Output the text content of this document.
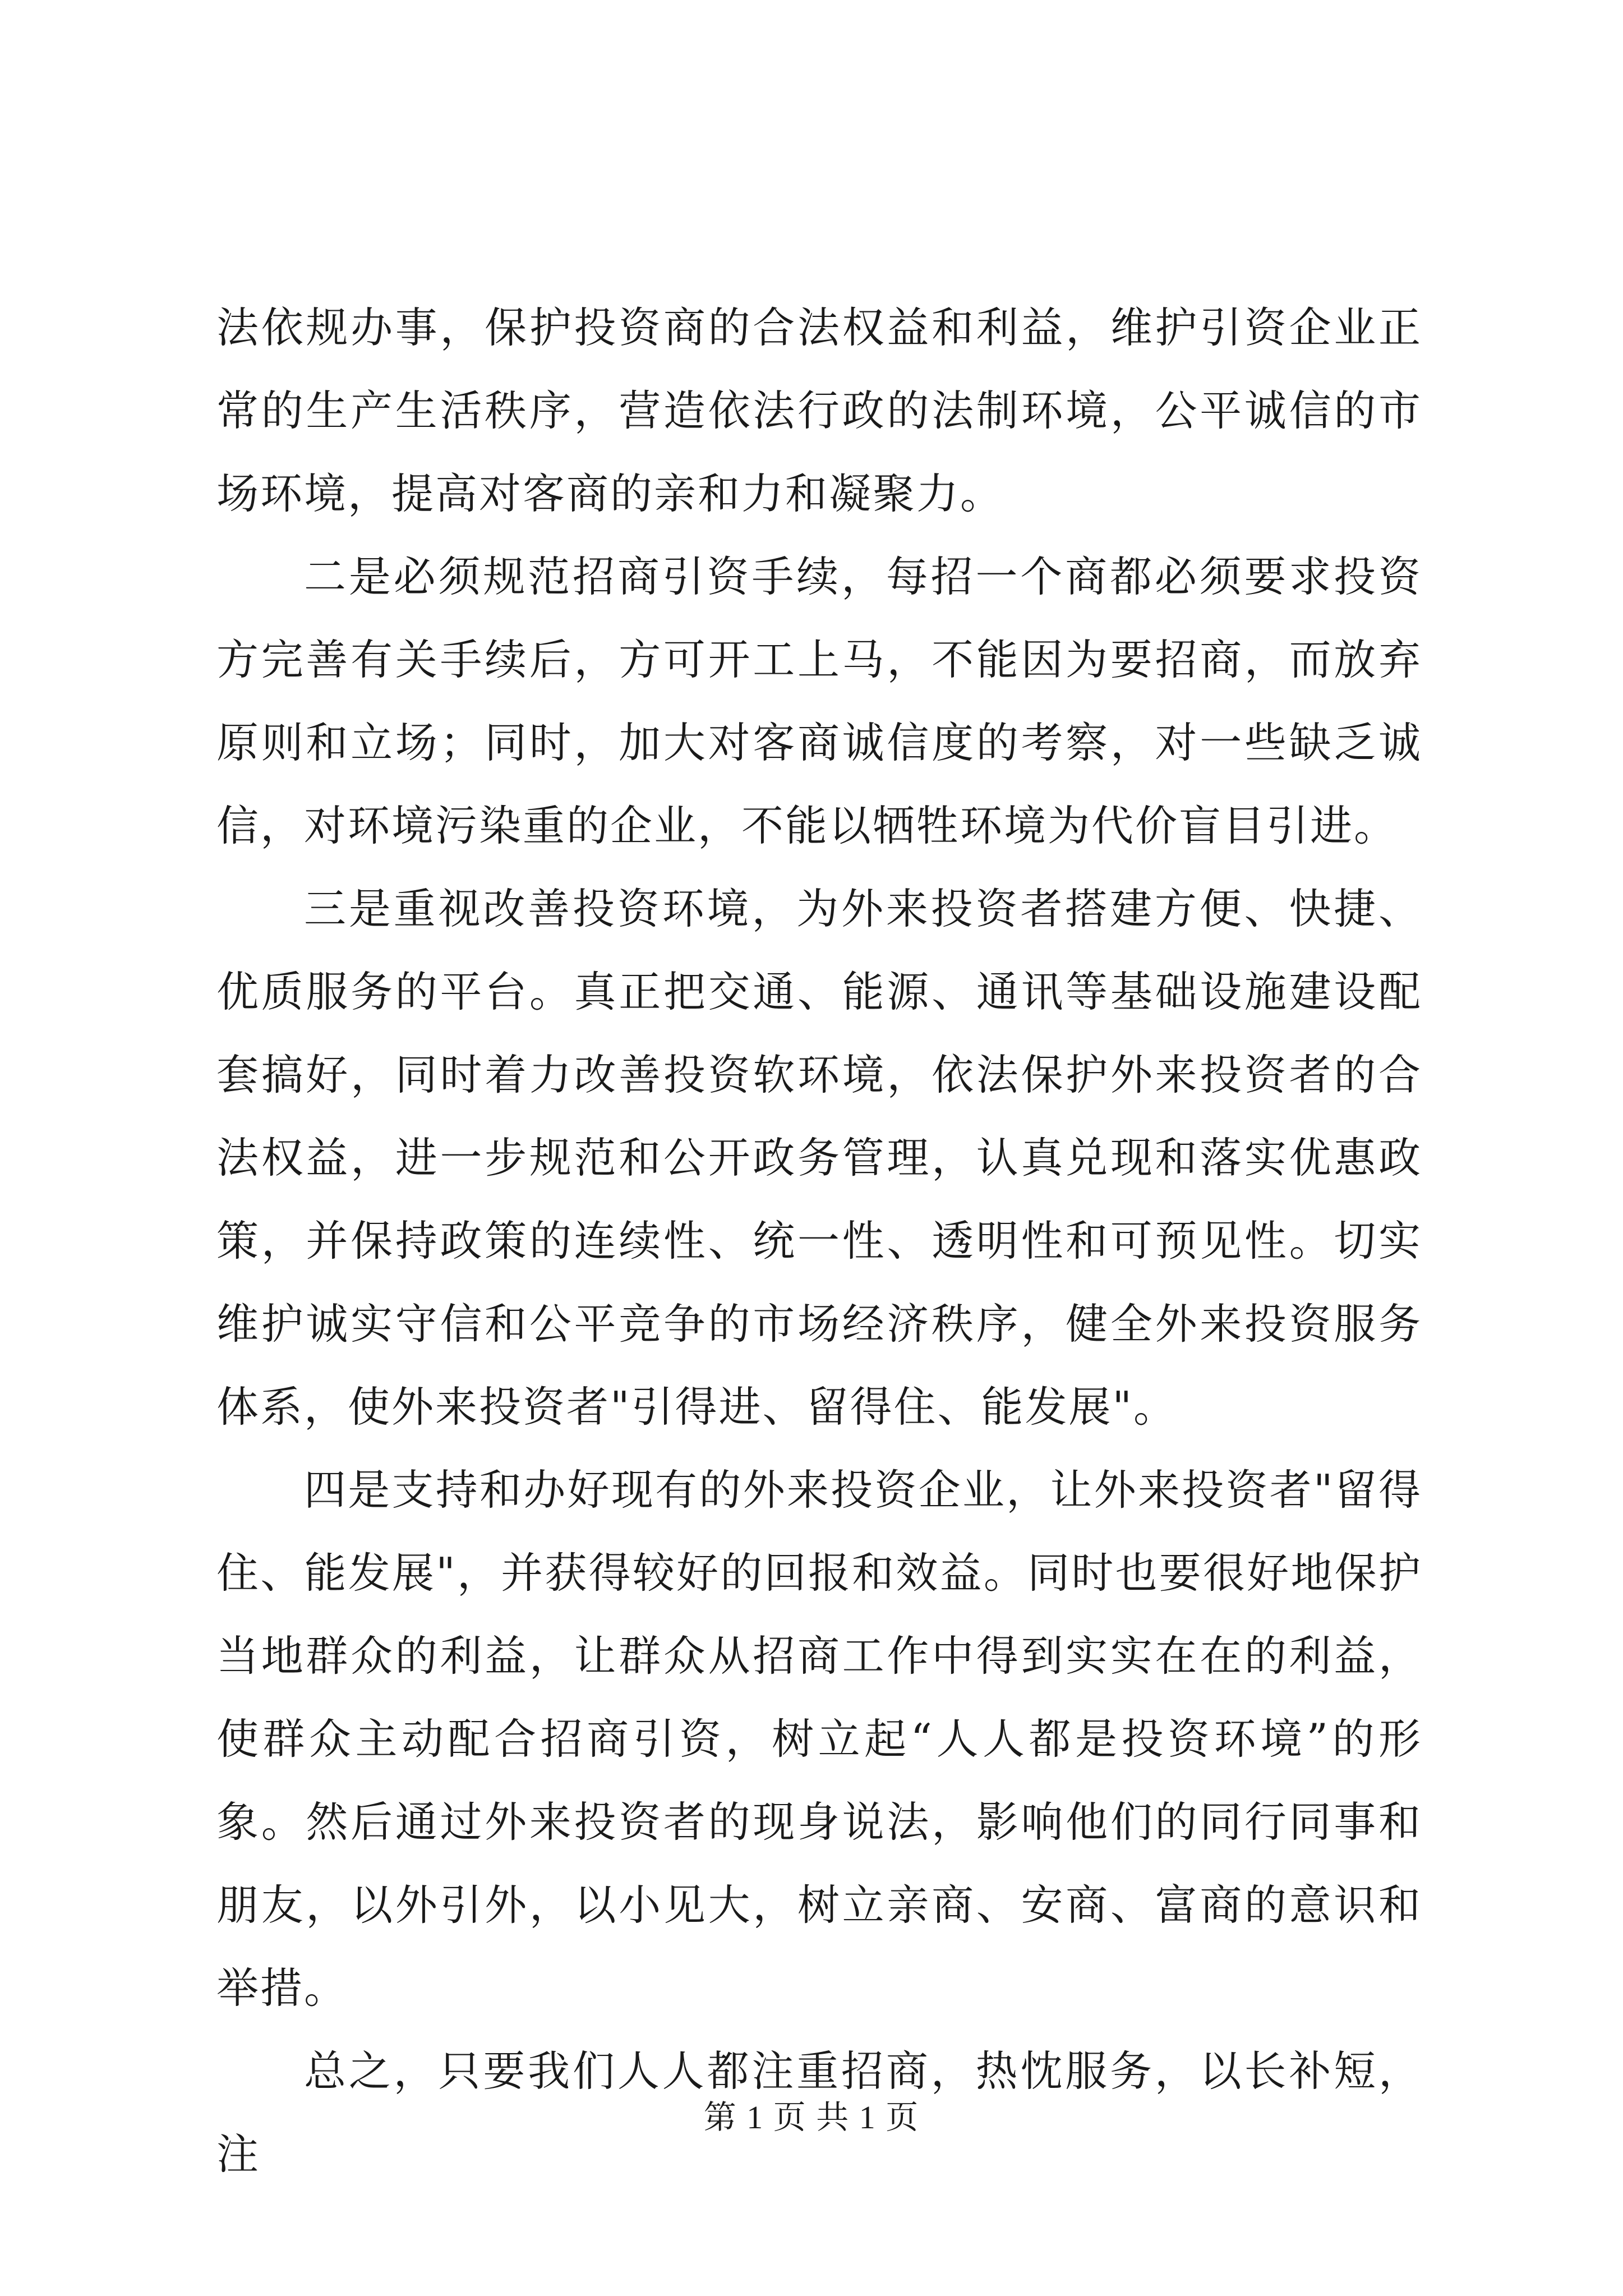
法依规办事，保护投资商的合法权益和利益，维护引资企业正常的生产生活秩序，营造依法行政的法制环境，公平诚信的市场环境，提高对客商的亲和力和凝聚力。

二是必须规范招商引资手续，每招一个商都必须要求投资方完善有关手续后，方可开工上马，不能因为要招商，而放弃原则和立场；同时，加大对客商诚信度的考察，对一些缺乏诚信，对环境污染重的企业，不能以牺牲环境为代价盲目引进。

三是重视改善投资环境，为外来投资者搭建方便、快捷、优质服务的平台。真正把交通、能源、通讯等基础设施建设配套搞好，同时着力改善投资软环境，依法保护外来投资者的合法权益，进一步规范和公开政务管理，认真兑现和落实优惠政策，并保持政策的连续性、统一性、透明性和可预见性。切实维护诚实守信和公平竞争的市场经济秩序，健全外来投资服务体系，使外来投资者"引得进、留得住、能发展"。

四是支持和办好现有的外来投资企业，让外来投资者"留得住、能发展"，并获得较好的回报和效益。同时也要很好地保护当地群众的利益，让群众从招商工作中得到实实在在的利益，使群众主动配合招商引资，树立起“人人都是投资环境”的形象。然后通过外来投资者的现身说法，影响他们的同行同事和朋友，以外引外，以小见大，树立亲商、安商、富商的意识和举措。

总之，只要我们人人都注重招商，热忱服务，以长补短，注

第 1 页 共 1 页
